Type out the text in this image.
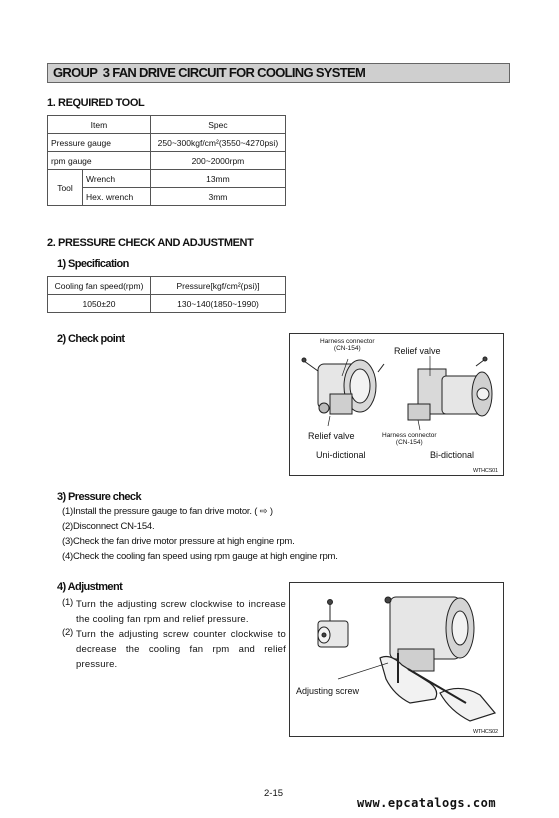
GROUP  3 FAN DRIVE CIRCUIT FOR COOLING SYSTEM
1. REQUIRED TOOL
Item		Spec
Pressure gauge		250~300kgf/cm²(3550~4270psi)
rpm gauge		200~2000rpm
Tool	Wrench	13mm
	Hex. wrench	3mm
2. PRESSURE CHECK AND ADJUSTMENT
1) Specification
Cooling fan speed(rpm)	Pressure[kgf/cm²(psi)]
1050±20	130~140(1850~1990)
2) Check point	Harness connector
(CN-154)	Relief valve
Relief valve	Harness connector
(CN-154)
Uni-dictional	Bi-dictional
WTHCS01
3) Pressure check
(1)Install the pressure gauge to fan drive motor. ( ⇨ )
(2)Disconnect CN-154.
(3)Check the fan drive motor pressure at high engine rpm.
(4)Check the cooling fan speed using rpm gauge at high engine rpm.
4) Adjustment
(1) Turn the adjusting screw clockwise to increase the cooling fan rpm and relief pressure.
(2) Turn the adjusting screw counter clockwise to decrease the cooling fan rpm and relief pressure.
Adjusting screw
WTHCS02
2-15
www.epcatalogs.com
